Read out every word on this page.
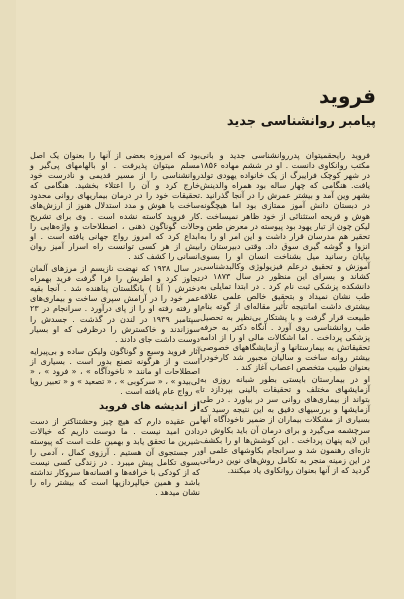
فروید
پیامبر روانشناسی جدید

فروید رایحقمیتوان پدرروانشناسی جدید و بانی مکتب روانکاوی دانست . او در ششم مهاده ۱۸۵۶ در شهر کوچک فرایبرگ از یک خانواده یهودی تولد یافت. هنگامی که چهار ساله بود همراه والدینش بشهر وین آمد و بیشتر عمرش را در آنجا گذرانید . در دبستان دانش آموز ممتازی بود اما هیچگونه هوش و قریحه استثنائی از خود ظاهر نمیساخت . لیکن چون از تبار یهود بود پیوسته در معرض طعن و تحقیر هم مدرسان قرار داشت و این امر او را به انزوا و گوشه گیری سوق داد. وقتی دبیرستان را بپایان رسانید میل بشناخت انسان او را بسوی آموزش و تحقیق درعلم فیزیولوژی وکالبدشناسی کشاند و بسرای این منظور در سال ۱۸۷۳ در دانشکده پزشکی ثبت نام کرد . در ابتدا تمایلی به طب نشان نمیداد و بتحقیق خالص علمی علاقه بیشتری داشت امانتیجه تأثیر مقاله‌ای از گوته بنام طبیعت قرار گرفت و با پشتکار بی‌نظیر به تحصیل طب روانشناسی روی آورد . آنگاه دکتر به حرفه پزشکی پرداخت . اما اشکالات مالی او را از ادامه تحقیقاتش به بیمارستانها و آزمایشگاههای خصوصی بیشتر روانه ساخت و سالیان مجبور شد کارخودرا بعنوان طبیب متخصص اعصاب آغاز کند .

او در بیمارستان بایستی بطور شبانه روزی به آزمایشهای مختلف و تحقیقات بالینی بپردازد تا بتواند از بیماری‌های روانی سر در بیاورد . در طی آزمایشها و بررسیهای دقیق به این نتیجه رسید که بسیاری از مشکلات بیماران از ضمیر ناخودآگاه آنها سرچشمه می‌گیرد و برای درمان آن باید بکاوش در این لایه پنهان پرداخت . این کوشش‌ها او را بکشف تازه‌ای رهنمون شد و سرانجام بکاوشهای علمی او در این زمینه منجر به تکامل روش‌های نوین درمانی گردید که از آنها بعنوان روانکاوی یاد میکنند.

بود که امروزه بعضی از آنها را بعنوان یک اصل مسلم میتوان پذیرفت . او بالهامهای پی‌گیر و روانشناسی را از مسیر قدیمی و نادرست خود خارج کرد و آن را اعتلاء بخشید. هنگامی که تحقیقات خود را در درمان بیماریهای روانی محدود ساخت با هوش و مدد استدلال هنوز از ارزش‌های کار فروید کاسته نشده است . وی برای تشریح حالات گوناگون ذهنی ، اصطلاحات و واژه‌هایی را ابداع کرد که امروز رواج جهانی یافته است . او بیش از هر کسی توانست راه اسرار آمیز روان انسانی را کشف کند .

در سال ۱۹۳۸ که نهضت نازیسم از مرزهای آلمان تجاوز کرد و اطریش را فرا گرفت فرید بهمراه دخترش ( آنا ) بانگلستان پناهنده شد . آنجا بقیه عمر خود را در آرامش سپری ساخت و بیماری‌های او رفته رفته او را از پای درآورد . سرانجام در ۲۳ سپتامبر ۱۹۳۹ در لندن در گذشت . جسدش را سوزاندند و خاکسترش را درظرفی که او بسیار دوست داشت جای دادند .

آثار فروید وسیع و گوناگون ولیکن ساده و بی‌پیرایه است و از هرگونه تصنع بدور است . بسیاری از اصطلاحات او مانند « ناخودآگاه » ، « فرود » ، « لی‌بیدو » ، « سرکوبی » ، « تصعید » و « تعبیر رویا » رواج عام یافته است .

از اندیشه های فروید

من عقیده دارم که هیچ چیز وحشتناکتر از دست دادن امید نیست . ما دوست داریم که خیالات شیرین ما تحقق یابد و بهمین علت است که پیوسته در جستجوی آن هستیم . آرزوی کمال ، آدمی را بسوی تکامل پیش میبرد . در زندگی کسی نیست که از کودکی با خرافه‌ها و افسانه‌ها سروکار نداشته باشد و همین خیالپردازیها است که بیشتر راه را نشان میدهد .
